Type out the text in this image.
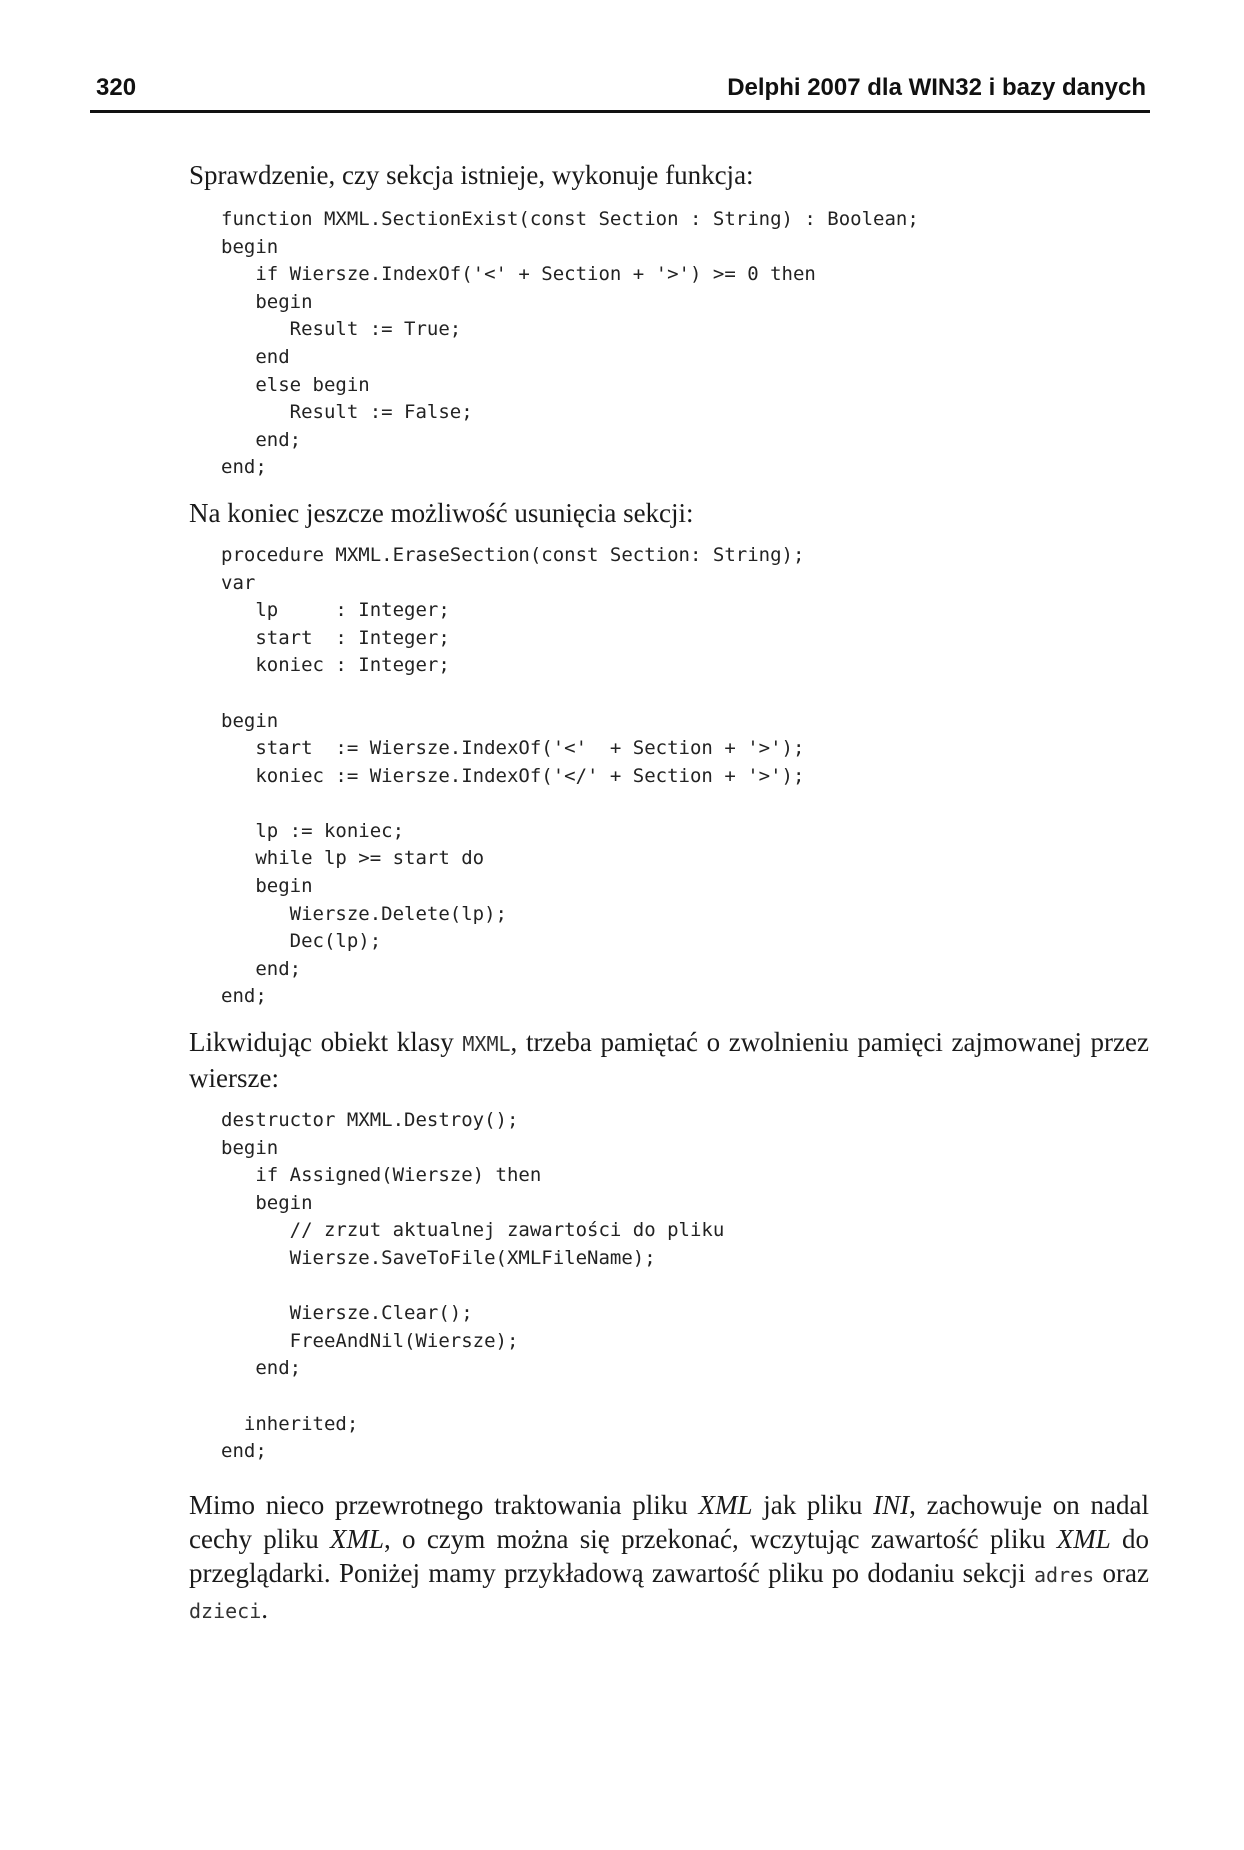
320	Delphi 2007 dla WIN32 i bazy danych

Sprawdzenie, czy sekcja istnieje, wykonuje funkcja:

function MXML.SectionExist(const Section : String) : Boolean;
begin
if Wiersze.IndexOf('<' + Section + '>') >= 0 then
begin
Result := True;
end
else begin
Result := False;
end;
end;

Na koniec jeszcze możliwość usunięcia sekcji:

procedure MXML.EraseSection(const Section: String);
var
lp     : Integer;
start  : Integer;
koniec : Integer;

begin
start  := Wiersze.IndexOf('<'  + Section + '>');
koniec := Wiersze.IndexOf('</' + Section + '>');

lp := koniec;
while lp >= start do
begin
Wiersze.Delete(lp);
Dec(lp);
end;
end;

Likwidując obiekt klasy MXML, trzeba pamiętać o zwolnieniu pamięci zajmowanej przez wiersze:

destructor MXML.Destroy();
begin
if Assigned(Wiersze) then
begin
// zrzut aktualnej zawartości do pliku
Wiersze.SaveToFile(XMLFileName);

Wiersze.Clear();
FreeAndNil(Wiersze);
end;

inherited;
end;

Mimo nieco przewrotnego traktowania pliku XML jak pliku INI, zachowuje on nadal cechy pliku XML, o czym można się przekonać, wczytując zawartość pliku XML do przeglądarki. Poniżej mamy przykładową zawartość pliku po dodaniu sekcji adres oraz dzieci.
